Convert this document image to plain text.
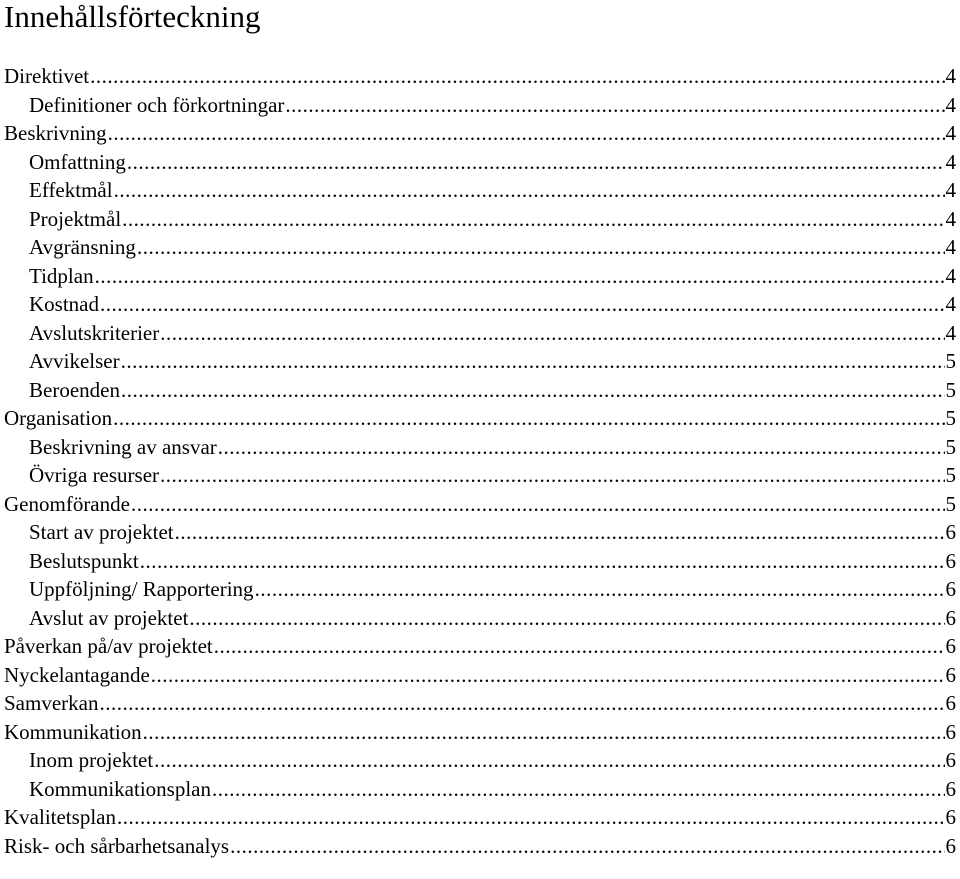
Innehållsförteckning
Direktivet .....	4
Definitioner och förkortningar .....	4
Beskrivning .....	4
Omfattning .....	4
Effektmål .....	4
Projektmål .....	4
Avgränsning .....	4
Tidplan .....	4
Kostnad .....	4
Avslutskriterier .....	4
Avvikelser .....	5
Beroenden .....	5
Organisation .....	5
Beskrivning av ansvar .....	5
Övriga resurser .....	5
Genomförande .....	5
Start av projektet .....	6
Beslutspunkt .....	6
Uppföljning/ Rapportering .....	6
Avslut av projektet .....	6
Påverkan på/av projektet .....	6
Nyckelantagande .....	6
Samverkan .....	6
Kommunikation .....	6
Inom projektet .....	6
Kommunikationsplan .....	6
Kvalitetsplan .....	6
Risk- och sårbarhetsanalys .....	6
